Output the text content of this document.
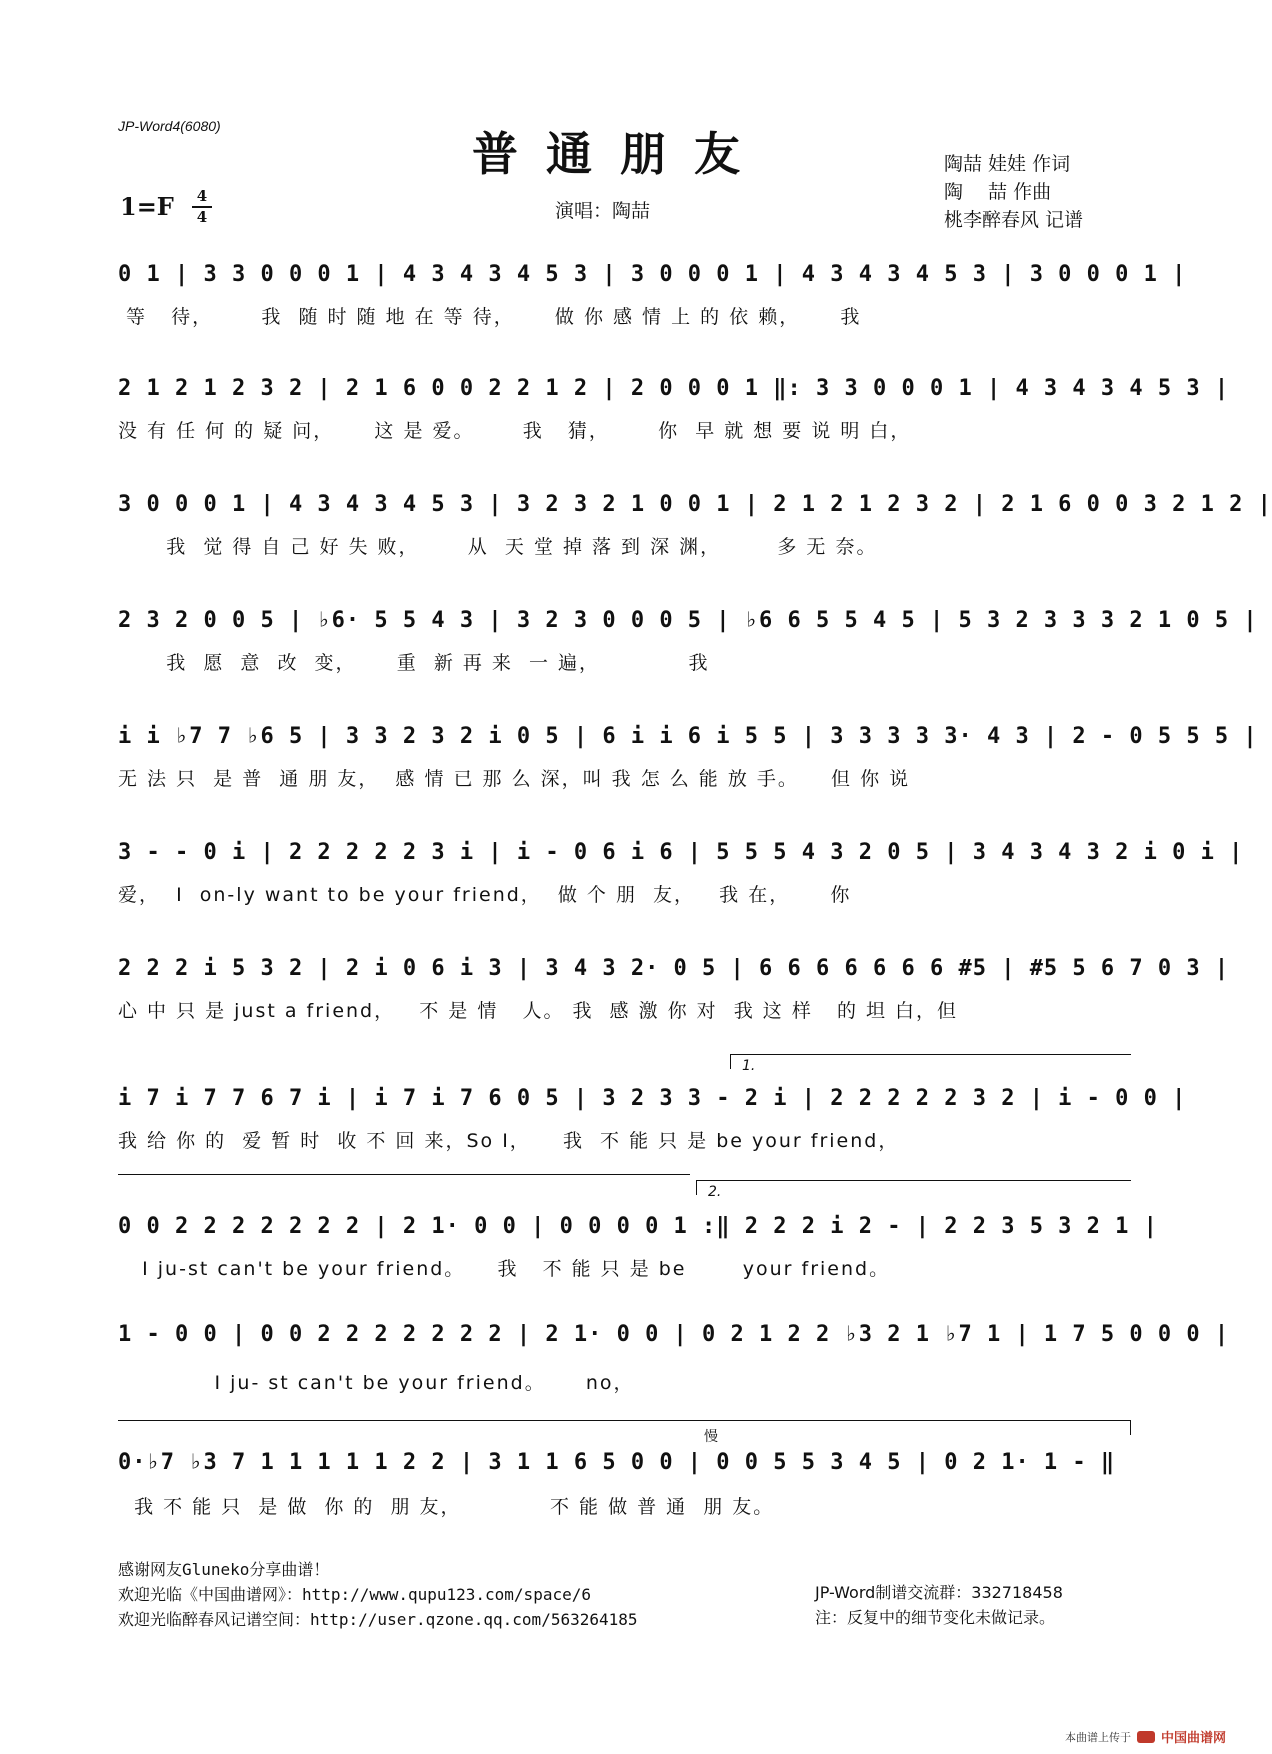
JP-Word4(6080)
普通朋友
1=F	4
4	演唱：陶喆
陶喆 娃娃 作词
陶　 喆 作曲
桃李醉春风 记谱
0 1 | 3 3 0 0 0 1 | 4 3 4 3 4 5 3 | 3 0 0 0 1 | 4 3 4 3 4 5 3 | 3 0 0 0 1 |
等   待，      我  随 时 随 地 在 等 待，     做 你 感 情 上 的 依 赖，     我
2 1 2 1 2 3 2 | 2 1 6 0 0 2 2 1 2 | 2 0 0 0 1 ‖: 3 3 0 0 0 1 | 4 3 4 3 4 5 3 |
没 有 任 何 的 疑 问，     这 是 爱。      我   猜，      你  早 就 想 要 说 明 白，
3 0 0 0 1 | 4 3 4 3 4 5 3 | 3 2 3 2 1 0 0 1 | 2 1 2 1 2 3 2 | 2 1 6 0 0 3 2 1 2 |
我  觉 得 自 己 好 失 败，      从  天 堂 掉 落 到 深 渊，       多 无 奈。
2 3 2 0 0 5 | ♭6· 5 5 4 3 | 3 2 3 0 0 0 5 | ♭6 6 5 5 4 5 | 5 3 2 3 3 3 2 1 0 5 |
我  愿  意  改  变，     重  新 再 来  一 遍，           我
i i ♭7 7 ♭6 5 | 3 3 2 3 2 i 0 5 | 6 i i 6 i 5 5 | 3 3 3 3 3· 4 3 | 2 - 0 5 5 5 |
无 法 只  是 普  通 朋 友，  感 情 已 那 么 深，叫 我 怎 么 能 放 手。    但 你 说
3 - - 0 i | 2 2 2 2 2 3 i | i - 0 6 i 6 | 5 5 5 4 3 2 0 5 | 3 4 3 4 3 2 i 0 i |
爱，  I  on-ly want to be your friend，  做 个 朋  友，   我 在，     你
2 2 2 i 5 3 2 | 2 i 0 6 i 3 | 3 4 3 2· 0 5 | 6 6 6 6 6 6 6 #5 | #5 5 6 7 0 3 |
心 中 只 是 just a friend，   不 是 情   人。 我  感 激 你 对  我 这 样   的 坦 白，但
1.
i 7 i 7 7 6 7 i | i 7 i 7 6 0 5 | 3 2 3 3 - 2 i | 2 2 2 2 2 3 2 | i - 0 0 |
我 给 你 的  爱 暂 时  收 不 回 来，So I，    我  不 能 只 是 be your friend，
2.
0 0 2 2 2 2 2 2 2 | 2 1· 0 0 | 0 0 0 0 1 :‖ 2 2 2 i 2 - | 2 2 3 5 3 2 1 |
I ju-st can't be your friend。    我   不 能 只 是 be       your friend。
1 - 0 0 | 0 0 2 2 2 2 2 2 2 | 2 1· 0 0 | 0 2 1 2 2 ♭3 2 1 ♭7 1 | 1 7 5 0 0 0 |
I ju- st can't be your friend。     no，
慢
0·♭7 ♭3 7 1 1 1 1 1 2 2 | 3 1 1 6 5 0 0 | 0 0 5 5 3 4 5 | 0 2 1· 1 - ‖
我 不 能 只  是 做  你 的  朋 友，           不 能 做 普 通  朋 友。
感谢网友Gluneko分享曲谱！
欢迎光临《中国曲谱网》：http://www.qupu123.com/space/6
欢迎光临醉春风记谱空间：http://user.qzone.qq.com/563264185
JP-Word制谱交流群：332718458
注：反复中的细节变化未做记录。
本曲谱上传于 中国曲谱网
